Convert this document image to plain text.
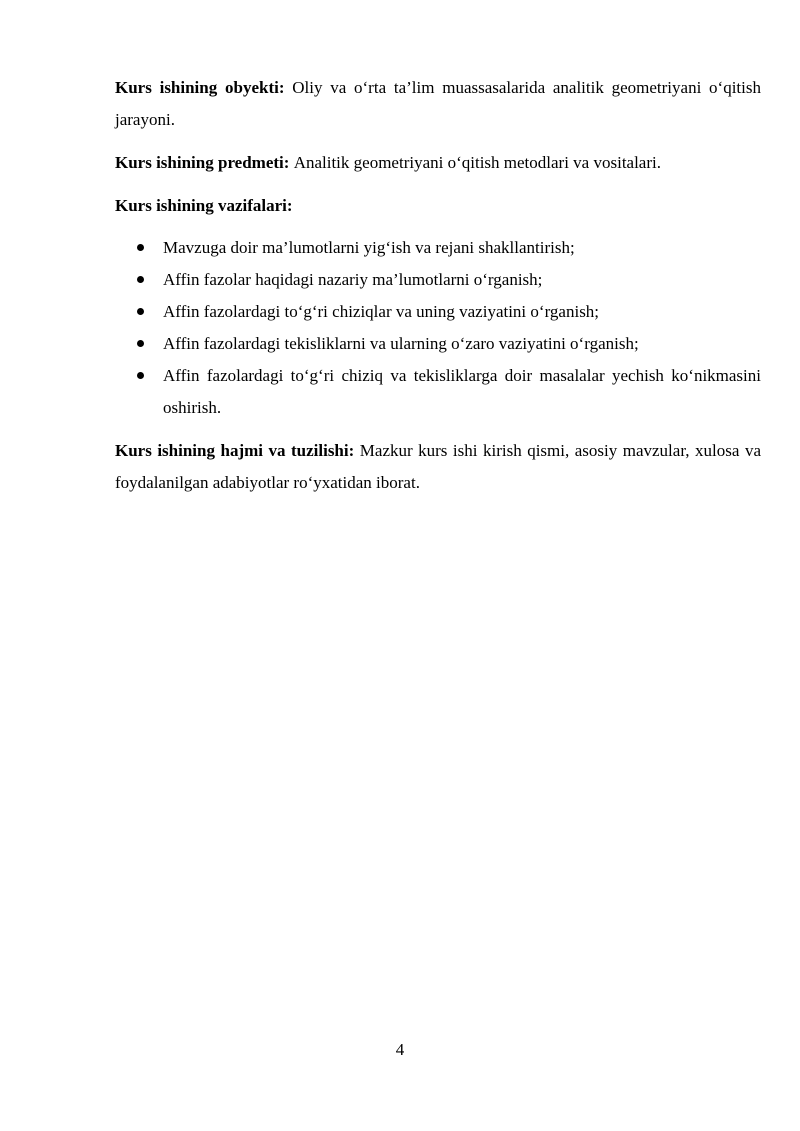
Kurs ishining obyekti: Oliy va o‘rta ta’lim muassasalarida analitik geometriyani o‘qitish jarayoni.

Kurs ishining predmeti: Analitik geometriyani o‘qitish metodlari va vositalari.

Kurs ishining vazifalari:

Mavzuga doir ma’lumotlarni yig‘ish va rejani shakllantirish;
Affin fazolar haqidagi nazariy ma’lumotlarni o‘rganish;
Affin fazolardagi to‘g‘ri chiziqlar va uning vaziyatini o‘rganish;
Affin fazolardagi tekisliklarni va ularning o‘zaro vaziyatini o‘rganish;
Affin fazolardagi to‘g‘ri chiziq va tekisliklarga doir masalalar yechish ko‘nikmasini oshirish.

Kurs ishining hajmi va tuzilishi: Mazkur kurs ishi kirish qismi, asosiy mavzular, xulosa va foydalanilgan adabiyotlar ro‘yxatidan iborat.

4
